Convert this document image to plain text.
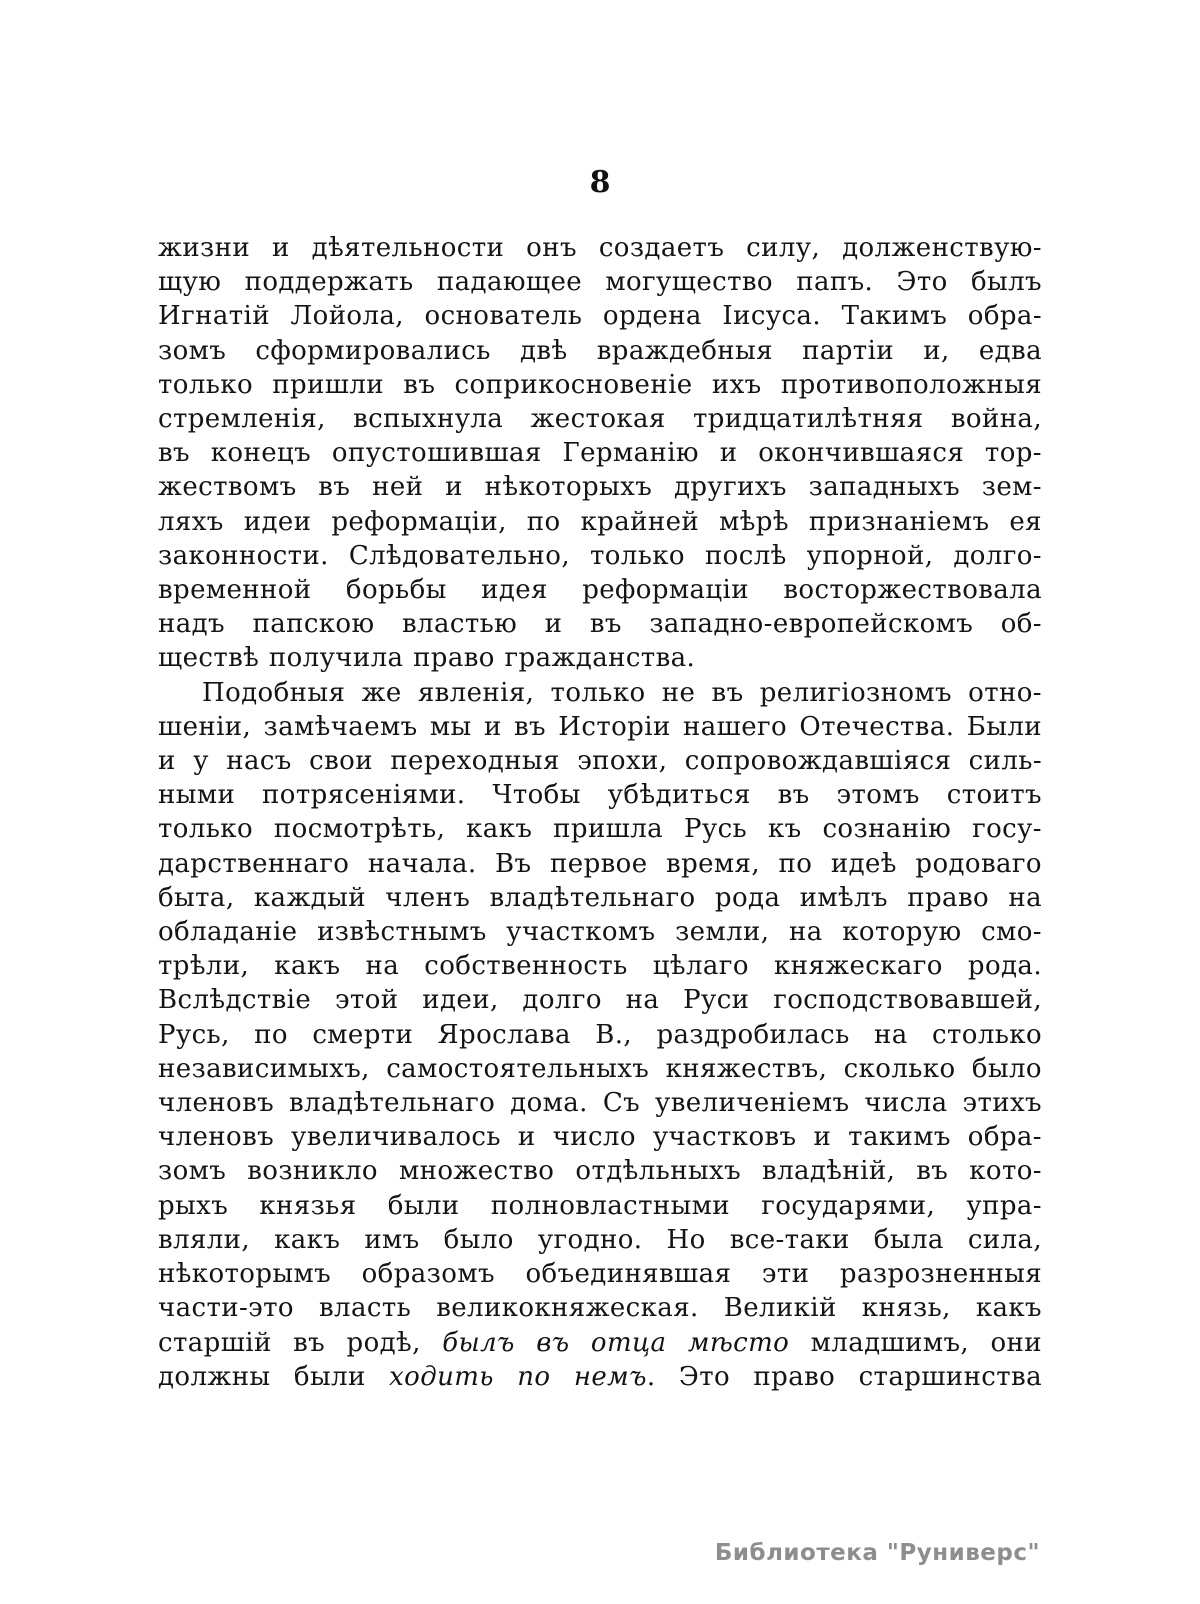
8
жизни и дѣятельности онъ создаетъ силу, долженствую-
щую поддержать падающее могущество папъ. Это былъ
Игнатій Лойола, основатель ордена Іисуса. Такимъ обра-
зомъ сформировались двѣ враждебныя партіи и, едва
только пришли въ соприкосновеніе ихъ противоположныя
стремленія, вспыхнула жестокая тридцатилѣтняя война,
въ конецъ опустошившая Германію и окончившаяся тор-
жествомъ въ ней и нѣкоторыхъ другихъ западныхъ зем-
ляхъ идеи реформаціи, по крайней мѣрѣ признаніемъ ея
законности. Слѣдовательно, только послѣ упорной, долго-
временной борьбы идея реформаціи восторжествовала
надъ папскою властью и въ западно-европейскомъ об-
ществѣ получила право гражданства.
Подобныя же явленія, только не въ религіозномъ отно-
шеніи, замѣчаемъ мы и въ Исторіи нашего Отечества. Были
и у насъ свои переходныя эпохи, сопровождавшіяся силь-
ными потрясеніями. Чтобы убѣдиться въ этомъ стоитъ
только посмотрѣть, какъ пришла Русь къ сознанію госу-
дарственнаго начала. Въ первое время, по идеѣ родоваго
быта, каждый членъ владѣтельнаго рода имѣлъ право на
обладаніе извѣстнымъ участкомъ земли, на которую смо-
трѣли, какъ на собственность цѣлаго княжескаго рода.
Вслѣдствіе этой идеи, долго на Руси господствовавшей,
Русь, по смерти Ярослава В., раздробилась на столько
независимыхъ, самостоятельныхъ княжествъ, сколько было
членовъ владѣтельнаго дома. Съ увеличеніемъ числа этихъ
членовъ увеличивалось и число участковъ и такимъ обра-
зомъ возникло множество отдѣльныхъ владѣній, въ кото-
рыхъ князья были полновластными государями, упра-
вляли, какъ имъ было угодно. Но все-таки была сила,
нѣкоторымъ образомъ объединявшая эти разрозненныя
части-это власть великокняжеская. Великій князь, какъ
старшій въ родѣ, былъ въ отца мѣсто младшимъ, они
должны были ходить по немъ. Это право старшинства
Библиотека "Руниверс"
